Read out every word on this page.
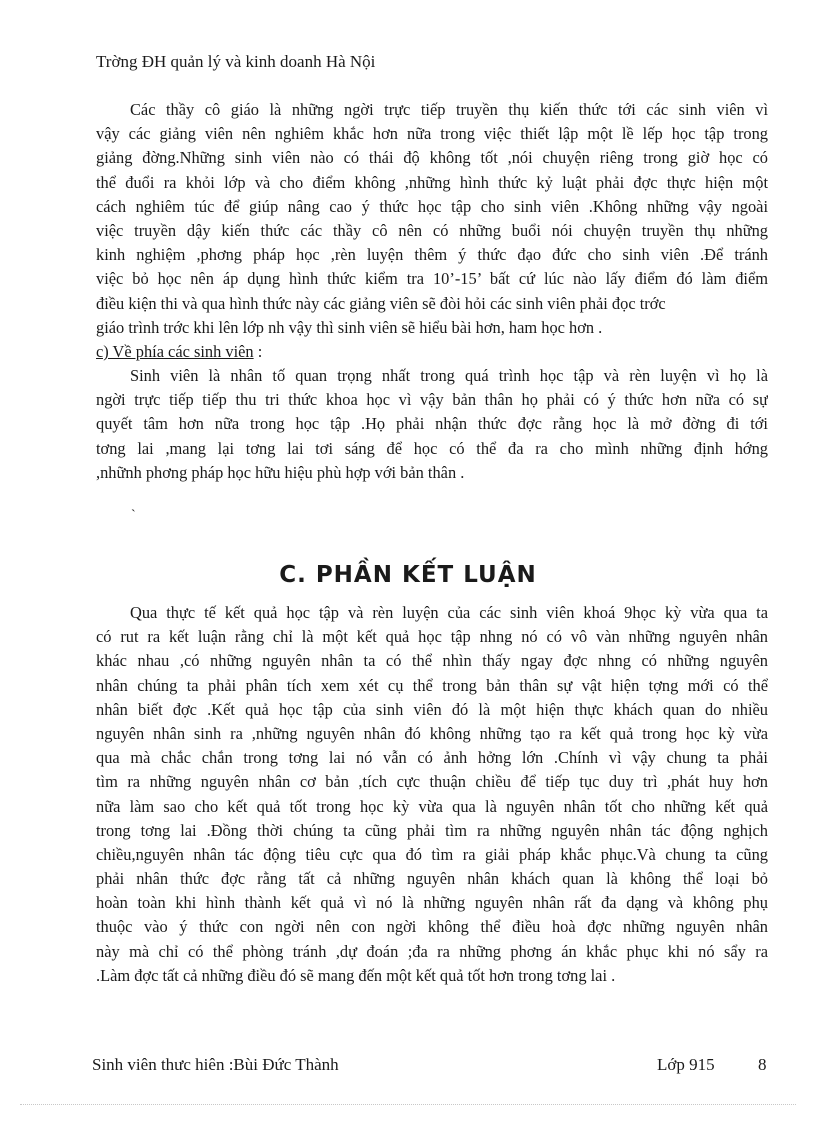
Trờng ĐH quản lý và kinh doanh Hà Nội
Các thầy cô giáo là những ngời trực tiếp truyền thụ kiến thức tới các sinh viên vì
vậy các giảng viên nên nghiêm khắc hơn nữa trong việc thiết lập một lề lếp học tập trong
giảng đờng.Những sinh viên nào có thái độ không tốt ,nói chuyện riêng trong giờ học có
thể đuổi ra khỏi lớp và cho điểm không ,những hình thức kỷ luật phải đợc thực hiện một
cách nghiêm túc để giúp nâng cao ý thức học tập cho sinh viên .Không những vậy ngoài
việc truyền dậy kiến thức các thầy cô nên có những buổi nói chuyện truyền thụ những
kinh nghiệm ,phơng pháp học ,rèn luyện thêm ý thức đạo đức cho sinh viên .Để tránh
việc bỏ học nên áp dụng hình thức kiểm tra 10’-15’ bất cứ lúc nào lấy điểm đó làm điểm
điều kiện thi và qua hình thức này các giảng viên sẽ đòi hỏi các sinh viên phải đọc trớc
giáo trình trớc khi lên lớp nh vậy thì sinh viên sẽ hiểu bài hơn, ham học hơn .
c) Về phía các sinh viên :
Sinh viên là nhân tố quan trọng nhất trong quá trình học tập và rèn luyện vì họ là
ngời trực tiếp tiếp thu tri thức khoa học vì vậy bản thân họ phải có ý thức hơn nữa có sự
quyết tâm hơn nữa trong học tập .Họ phải nhận thức đợc rằng học là mở đờng đi tới
tơng lai ,mang lại tơng lai tơi sáng để học có thể đa ra cho mình những định hớng
,nhữnh phơng pháp học hữu hiệu phù hợp với bản thân .
`
C. PHẦN KẾT LUẬN
Qua thực tế kết quả học tập và rèn luyện của các sinh viên khoá 9học kỳ vừa qua ta
có rut ra kết luận rằng chỉ là một kết quả học tập nhng nó có vô vàn những nguyên nhân
khác nhau ,có những nguyên nhân ta có thể nhìn thấy ngay đợc nhng có những nguyên
nhân chúng ta phải phân tích xem xét cụ thể trong bản thân sự vật hiện tợng mới có thể
nhân biết đợc .Kết quả học tập của sinh viên đó là một hiện thực khách quan do nhiều
nguyên nhân sinh ra ,những nguyên nhân đó không những tạo ra kết quả trong học kỳ vừa
qua mà chắc chắn trong tơng lai nó vẫn có ảnh hởng lớn .Chính vì vậy chung ta phải
tìm ra những nguyên nhân cơ bản ,tích cực thuận chiều để tiếp tục duy trì ,phát huy hơn
nữa làm sao cho kết quả tốt trong học kỳ vừa qua là nguyên nhân tốt cho những kết quả
trong tơng lai .Đồng thời chúng ta cũng phải tìm ra những nguyên nhân tác động nghịch
chiều,nguyên nhân tác động tiêu cực qua đó tìm ra giải pháp khắc phục.Và chung ta cũng
phải nhân thức đợc rằng tất cả những nguyên nhân khách quan là không thể loại bỏ
hoàn toàn khi hình thành kết quả vì nó là những nguyên nhân rất đa dạng và không phụ
thuộc vào ý thức con ngời nên con ngời không thể điều hoà đợc những nguyên nhân
này mà chỉ có thể phòng tránh ,dự đoán ;đa ra những phơng án khắc phục khi nó sẩy ra
.Làm đợc tất cả những điều đó sẽ mang đến một kết quả tốt hơn trong tơng lai .
Sinh viên thưc hiên :Bùi Đức Thành	Lớp 915	8
